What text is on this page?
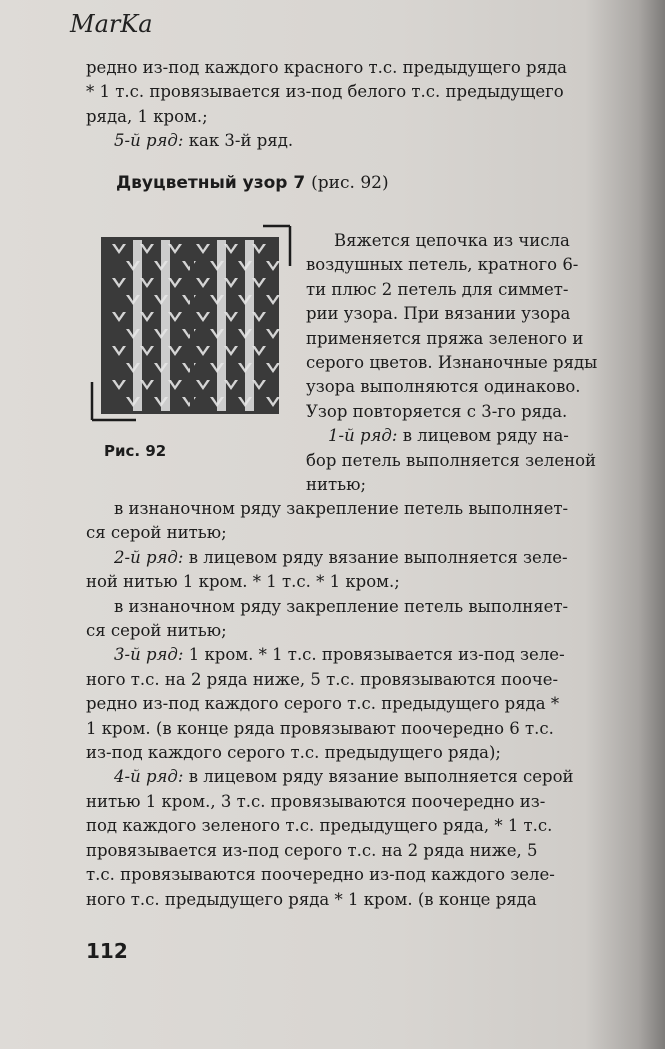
MarKa

редно из-под каждого красного т.с. предыдущего ряда

* 1 т.с. провязывается из-под белого т.с. предыдущего

ряда, 1 кром.;

5-й ряд: как 3-й ряд.

Двуцветный узор 7 (рис. 92)
Рис. 92

Вяжется цепочка из числа

воздушных петель, кратного 6-

ти плюс 2 петель для симмет-

рии узора. При вязании узора

применяется пряжа зеленого и

серого цветов. Изнаночные ряды

узора выполняются одинаково.

Узор повторяется с 3-го ряда.

1-й ряд: в лицевом ряду на-

бор петель выполняется зеленой

нитью;

в изнаночном ряду закрепление петель выполняет-

ся серой нитью;

2-й ряд: в лицевом ряду вязание выполняется зеле-

ной нитью 1 кром. * 1 т.с. * 1 кром.;

в изнаночном ряду закрепление петель выполняет-

ся серой нитью;

3-й ряд: 1 кром. * 1 т.с. провязывается из-под зеле-

ного т.с. на 2 ряда ниже, 5 т.с. провязываются пооче-

редно из-под каждого серого т.с. предыдущего ряда *

1 кром. (в конце ряда провязывают поочередно 6 т.с.

из-под каждого серого т.с. предыдущего ряда);

4-й ряд: в лицевом ряду вязание выполняется серой

нитью 1 кром., 3 т.с. провязываются поочередно из-

под каждого зеленого т.с. предыдущего ряда, * 1 т.с.

провязывается из-под серого т.с. на 2 ряда ниже, 5

т.с. провязываются поочередно из-под каждого зеле-

ного т.с. предыдущего ряда * 1 кром. (в конце ряда

112
